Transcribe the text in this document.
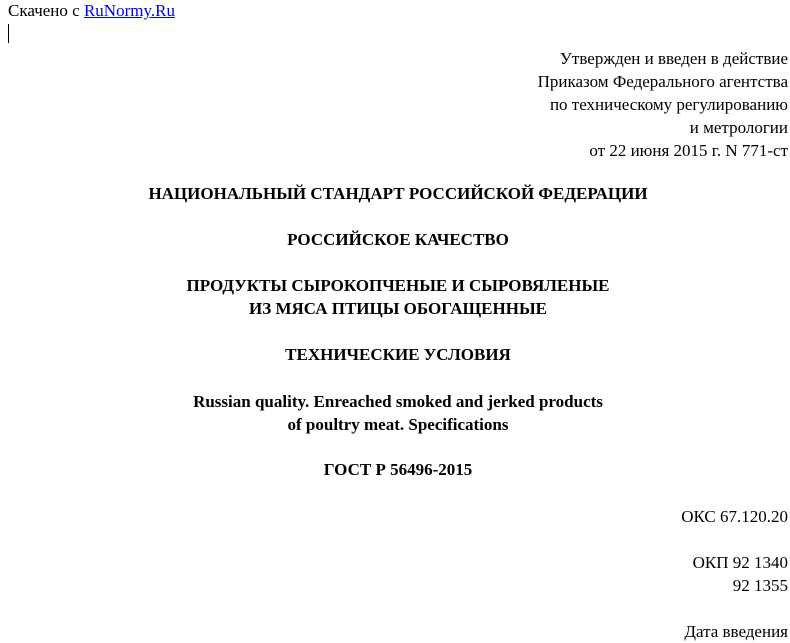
Скачено с RuNormy.Ru
Утвержден и введен в действие
Приказом Федерального агентства
по техническому регулированию
и метрологии
от 22 июня 2015 г. N 771-ст
НАЦИОНАЛЬНЫЙ СТАНДАРТ РОССИЙСКОЙ ФЕДЕРАЦИИ
РОССИЙСКОЕ КАЧЕСТВО
ПРОДУКТЫ СЫРОКОПЧЕНЫЕ И СЫРОВЯЛЕНЫЕ
ИЗ МЯСА ПТИЦЫ ОБОГАЩЕННЫЕ
ТЕХНИЧЕСКИЕ УСЛОВИЯ
Russian quality. Enreached smoked and jerked products
of poultry meat. Specifications
ГОСТ Р 56496-2015
ОКС 67.120.20
ОКП 92 1340
92 1355
Дата введения
